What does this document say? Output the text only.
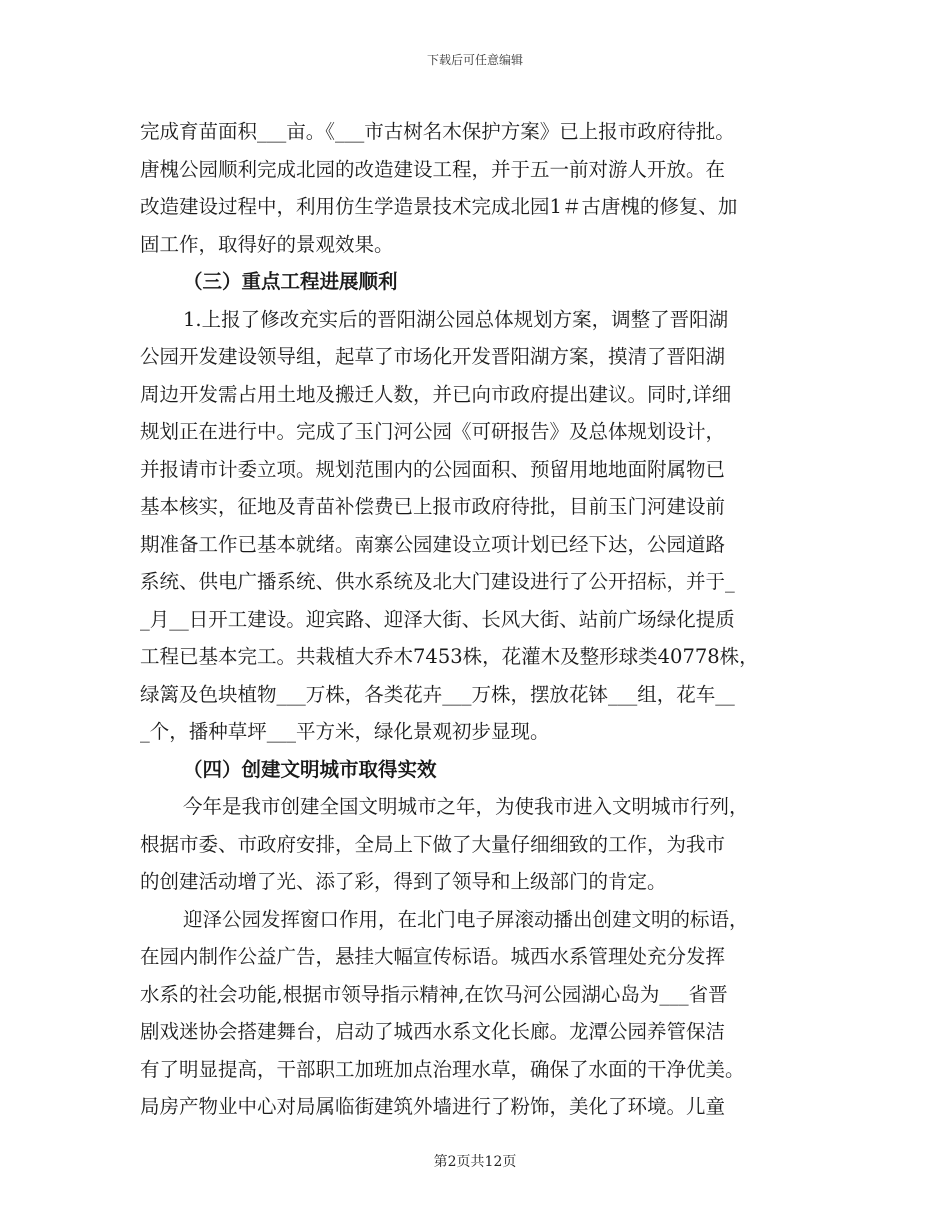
下载后可任意编辑
完成育苗面积___亩。《___市古树名木保护方案》已上报市政府待批。
唐槐公园顺利完成北园的改造建设工程，并于五一前对游人开放。在
改造建设过程中，利用仿生学造景技术完成北园1＃古唐槐的修复、加
固工作，取得好的景观效果。
（三）重点工程进展顺利
1.上报了修改充实后的晋阳湖公园总体规划方案，调整了晋阳湖
公园开发建设领导组，起草了市场化开发晋阳湖方案，摸清了晋阳湖
周边开发需占用土地及搬迁人数，并已向市政府提出建议。同时,详细
规划正在进行中。完成了玉门河公园《可研报告》及总体规划设计，
并报请市计委立项。规划范围内的公园面积、预留用地地面附属物已
基本核实，征地及青苗补偿费已上报市政府待批，目前玉门河建设前
期准备工作已基本就绪。南寨公园建设立项计划已经下达，公园道路
系统、供电广播系统、供水系统及北大门建设进行了公开招标，并于_
_月__日开工建设。迎宾路、迎泽大街、长风大街、站前广场绿化提质
工程已基本完工。共栽植大乔木7453株，花灌木及整形球类40778株，
绿篱及色块植物___万株，各类花卉___万株，摆放花钵___组，花车__
_个，播种草坪___平方米，绿化景观初步显现。
（四）创建文明城市取得实效
今年是我市创建全国文明城市之年，为使我市进入文明城市行列，
根据市委、市政府安排，全局上下做了大量仔细细致的工作，为我市
的创建活动增了光、添了彩，得到了领导和上级部门的肯定。
迎泽公园发挥窗口作用，在北门电子屏滚动播出创建文明的标语，
在园内制作公益广告，悬挂大幅宣传标语。城西水系管理处充分发挥
水系的社会功能,根据市领导指示精神,在饮马河公园湖心岛为___省晋
剧戏迷协会搭建舞台，启动了城西水系文化长廊。龙潭公园养管保洁
有了明显提高，干部职工加班加点治理水草，确保了水面的干净优美。
局房产物业中心对局属临街建筑外墙进行了粉饰，美化了环境。儿童
第2页共12页
